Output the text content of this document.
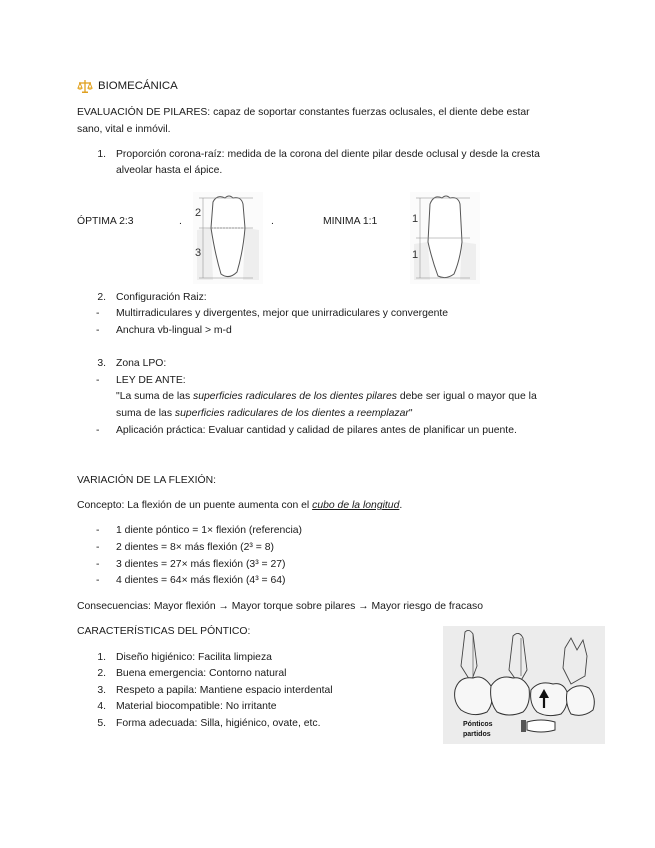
BIOMECÁNICA
EVALUACIÓN DE PILARES: capaz de soportar constantes fuerzas oclusales, el diente debe estar
sano, vital e inmóvil.
1. Proporción corona-raíz: medida de la corona del diente pilar desde oclusal y desde la cresta
alveolar hasta el ápice.
ÓPTIMA 2:3	.	.	MINIMA 1:1
2
3
1
1
2. Configuración Raiz:
- Multirradiculares y divergentes, mejor que unirradiculares y convergente
- Anchura vb-lingual > m-d
3. Zona LPO:
- LEY DE ANTE:
"La suma de las superficies radiculares de los dientes pilares debe ser igual o mayor que la
suma de las superficies radiculares de los dientes a reemplazar"
- Aplicación práctica: Evaluar cantidad y calidad de pilares antes de planificar un puente.
VARIACIÓN DE LA FLEXIÓN:
Concepto: La flexión de un puente aumenta con el cubo de la longitud.
- 1 diente póntico = 1× flexión (referencia)
- 2 dientes = 8× más flexión (2³ = 8)
- 3 dientes = 27× más flexión (3³ = 27)
- 4 dientes = 64× más flexión (4³ = 64)
Consecuencias: Mayor flexión → Mayor torque sobre pilares → Mayor riesgo de fracaso
CARACTERÍSTICAS DEL PÓNTICO:
1. Diseño higiénico: Facilita limpieza
2. Buena emergencia: Contorno natural
3. Respeto a papila: Mantiene espacio interdental
4. Material biocompatible: No irritante
5. Forma adecuada: Silla, higiénico, ovate, etc.	Pónticos
partidos
